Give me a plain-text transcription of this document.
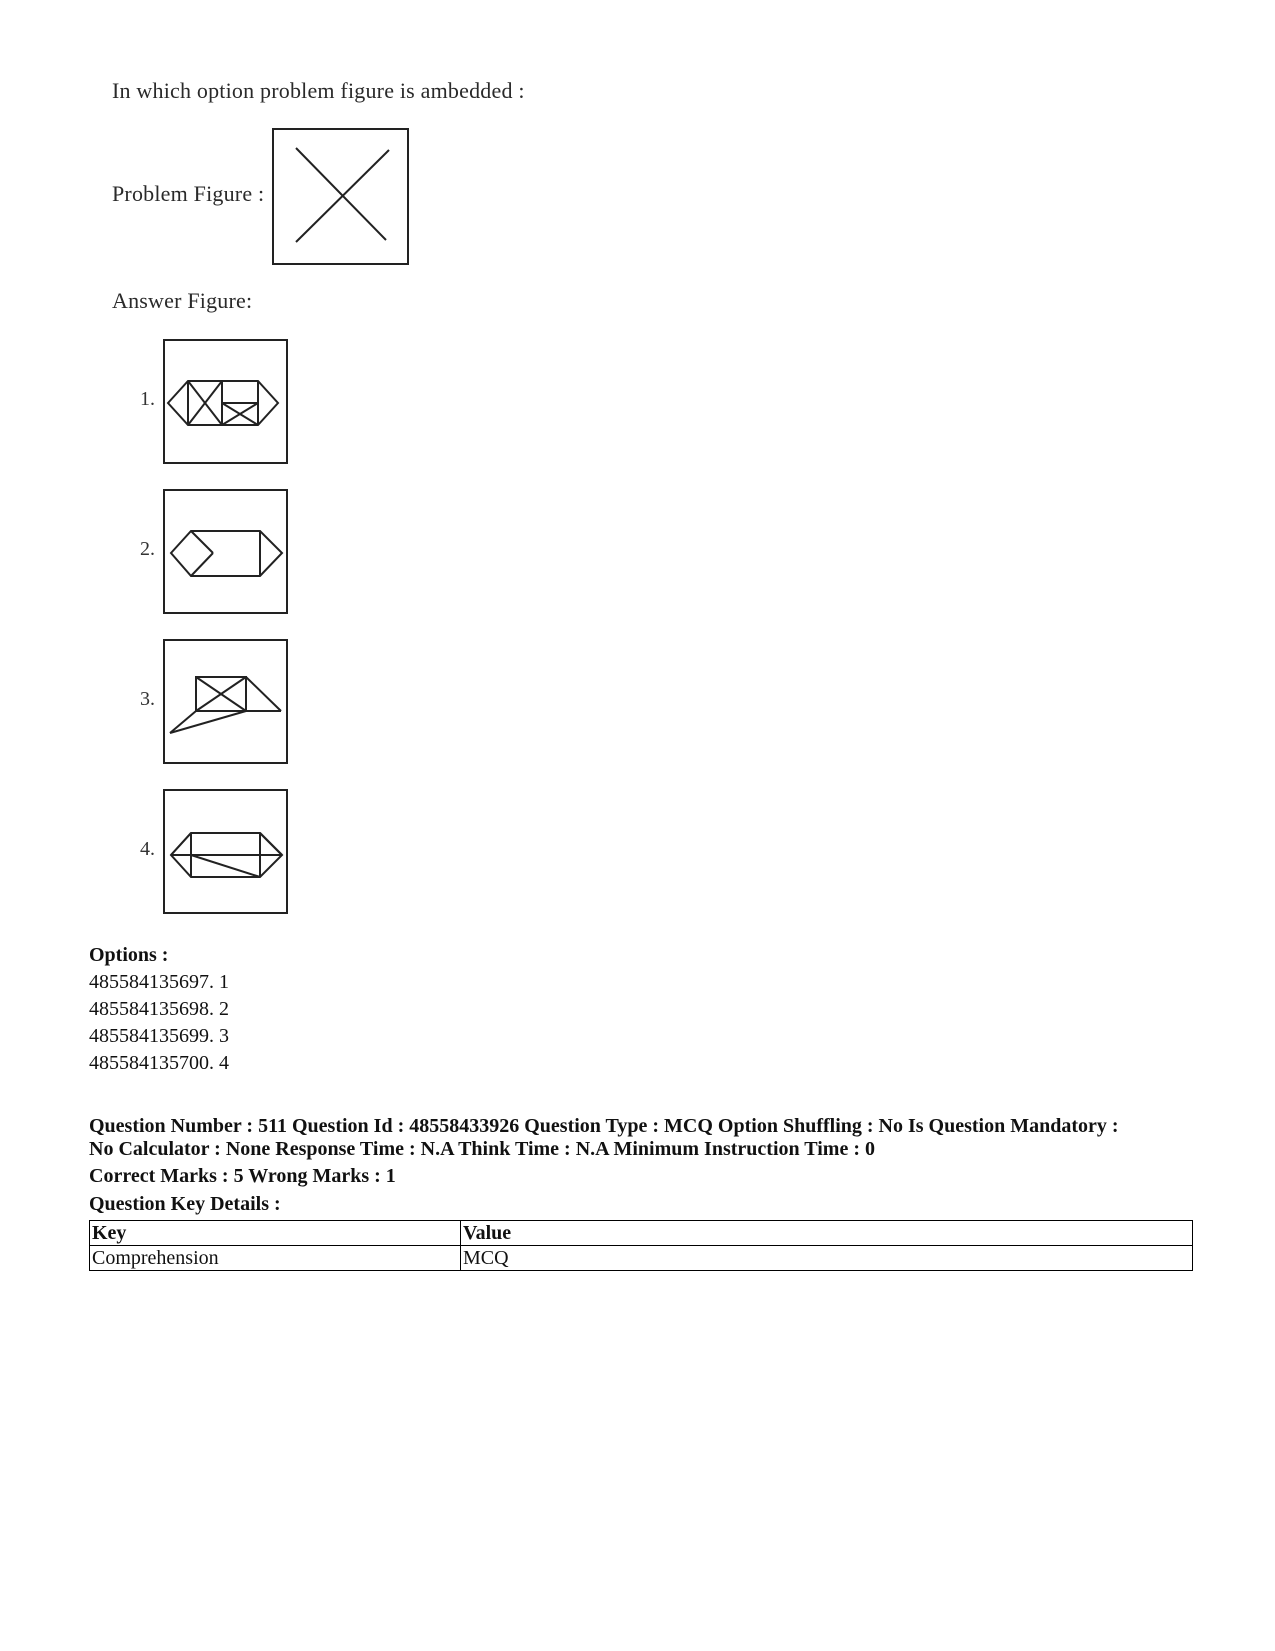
In which option problem figure is ambedded :
Problem Figure :
Answer Figure:
1.
2.
3.
4.
Options :
485584135697. 1
485584135698. 2
485584135699. 3
485584135700. 4
Question Number : 511 Question Id : 48558433926 Question Type : MCQ Option Shuffling : No Is Question Mandatory :
No Calculator : None Response Time : N.A Think Time : N.A Minimum Instruction Time : 0
Correct Marks : 5 Wrong Marks : 1
Question Key Details :
Key	Value
Comprehension	MCQ
